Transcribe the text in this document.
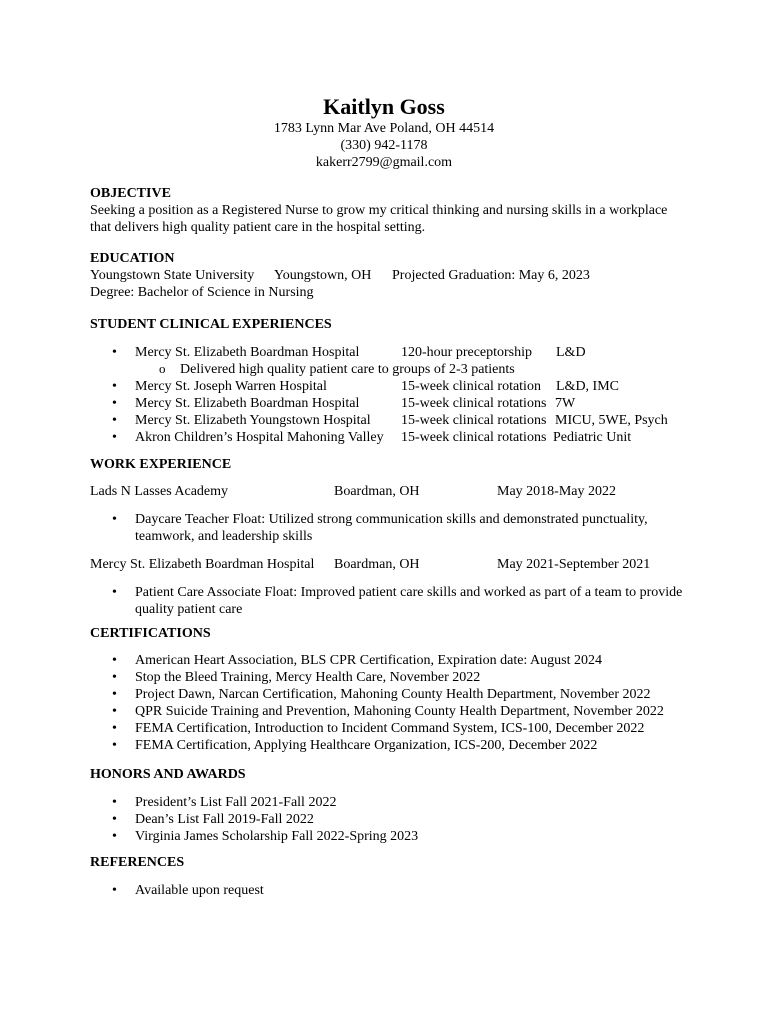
Kaitlyn Goss
1783 Lynn Mar Ave Poland, OH 44514
(330) 942-1178
kakerr2799@gmail.com
OBJECTIVE
Seeking a position as a Registered Nurse to grow my critical thinking and nursing skills in a workplace
that delivers high quality patient care in the hospital setting.
EDUCATION
Youngstown State University Youngstown, OH Projected Graduation: May 6, 2023
Degree: Bachelor of Science in Nursing
STUDENT CLINICAL EXPERIENCES
• Mercy St. Elizabeth Boardman Hospital	120-hour preceptorship L&D
o Delivered high quality patient care to groups of 2-3 patients
• Mercy St. Joseph Warren Hospital	15-week clinical rotation L&D, IMC
• Mercy St. Elizabeth Boardman Hospital	15-week clinical rotations 7W
• Mercy St. Elizabeth Youngstown Hospital 15-week clinical rotations MICU, 5WE, Psych
• Akron Children’s Hospital Mahoning Valley 15-week clinical rotations Pediatric Unit
WORK EXPERIENCE
Lads N Lasses Academy	Boardman, OH	May 2018-May 2022
• Daycare Teacher Float: Utilized strong communication skills and demonstrated punctuality,
teamwork, and leadership skills
Mercy St. Elizabeth Boardman Hospital Boardman, OH	May 2021-September 2021
• Patient Care Associate Float: Improved patient care skills and worked as part of a team to provide
quality patient care
CERTIFICATIONS
• American Heart Association, BLS CPR Certification, Expiration date: August 2024
• Stop the Bleed Training, Mercy Health Care, November 2022
• Project Dawn, Narcan Certification, Mahoning County Health Department, November 2022
• QPR Suicide Training and Prevention, Mahoning County Health Department, November 2022
• FEMA Certification, Introduction to Incident Command System, ICS-100, December 2022
• FEMA Certification, Applying Healthcare Organization, ICS-200, December 2022
HONORS AND AWARDS
• President’s List Fall 2021-Fall 2022
• Dean’s List Fall 2019-Fall 2022
• Virginia James Scholarship Fall 2022-Spring 2023
REFERENCES
• Available upon request
